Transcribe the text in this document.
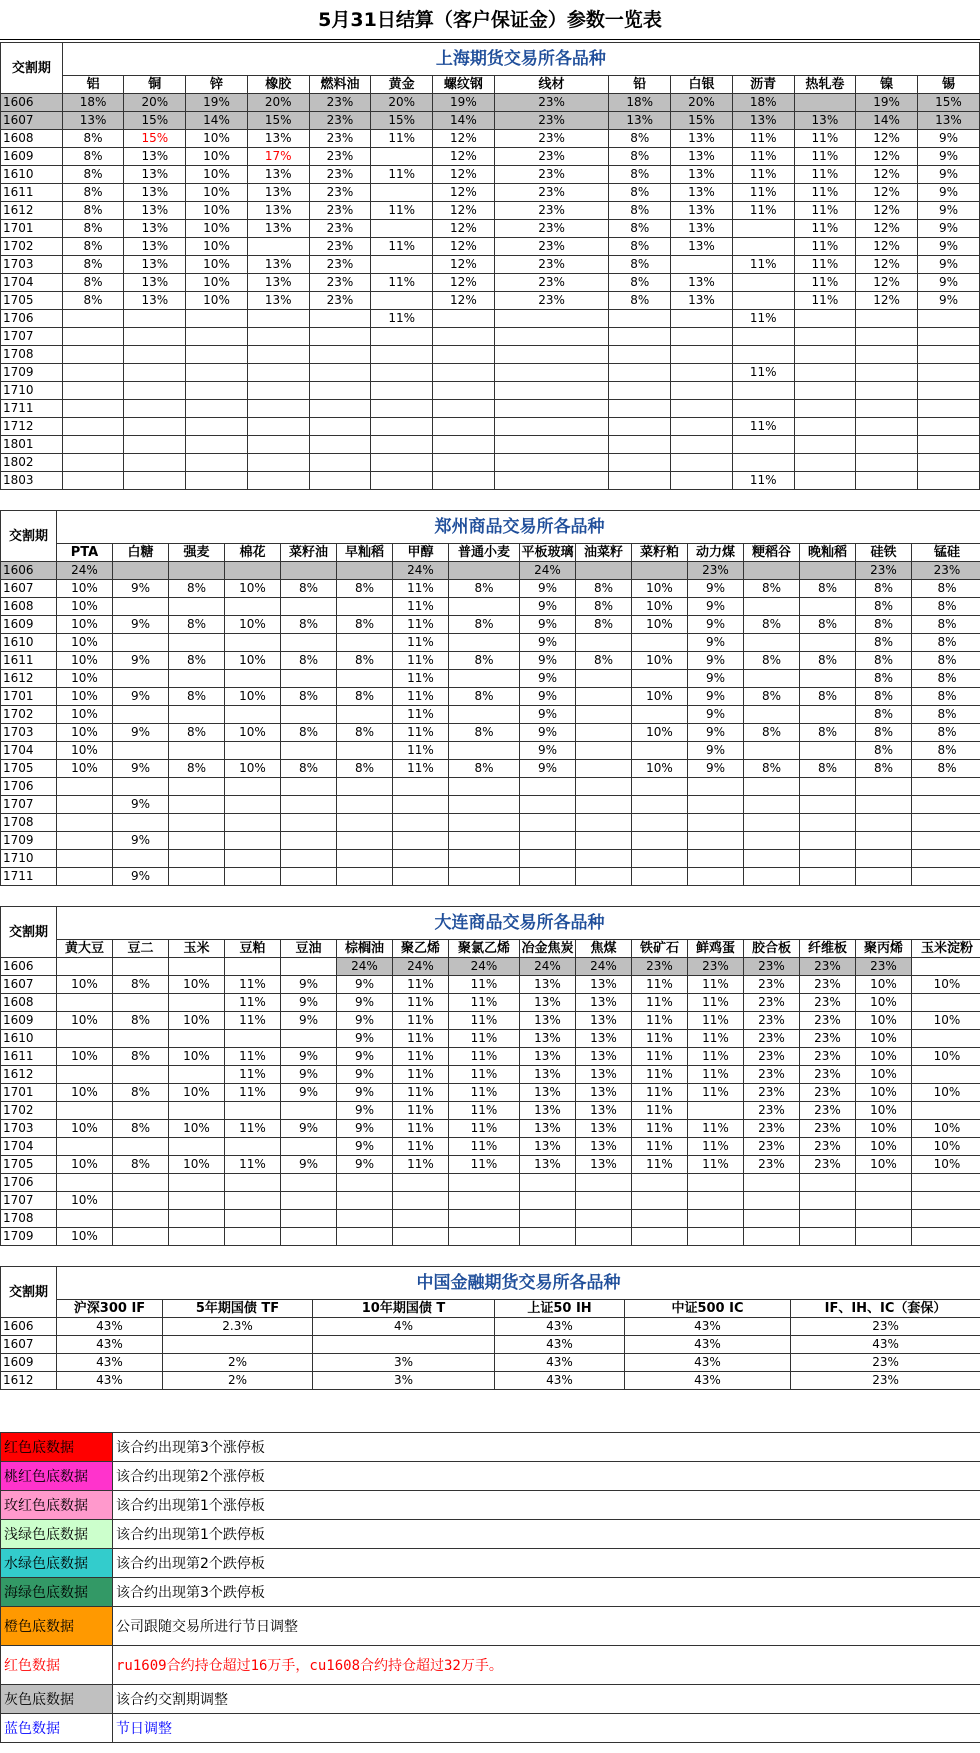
5月31日结算（客户保证金）参数一览表
交割期	上海期货交易所各品种													
	铝	铜	锌	橡胶	燃料油	黄金	螺纹钢	线材	铅	白银	沥青	热轧卷	镍	锡
1606	18%	20%	19%	20%	23%	20%	19%	23%	18%	20%	18%		19%	15%
1607	13%	15%	14%	15%	23%	15%	14%	23%	13%	15%	13%	13%	14%	13%
1608	8%	15%	10%	13%	23%	11%	12%	23%	8%	13%	11%	11%	12%	9%
1609	8%	13%	10%	17%	23%		12%	23%	8%	13%	11%	11%	12%	9%
1610	8%	13%	10%	13%	23%	11%	12%	23%	8%	13%	11%	11%	12%	9%
1611	8%	13%	10%	13%	23%		12%	23%	8%	13%	11%	11%	12%	9%
1612	8%	13%	10%	13%	23%	11%	12%	23%	8%	13%	11%	11%	12%	9%
1701	8%	13%	10%	13%	23%		12%	23%	8%	13%		11%	12%	9%
1702	8%	13%	10%		23%	11%	12%	23%	8%	13%		11%	12%	9%
1703	8%	13%	10%	13%	23%		12%	23%	8%		11%	11%	12%	9%
1704	8%	13%	10%	13%	23%	11%	12%	23%	8%	13%		11%	12%	9%
1705	8%	13%	10%	13%	23%		12%	23%	8%	13%		11%	12%	9%
1706						11%					11%			
1707														
1708														
1709											11%			
1710														
1711														
1712											11%			
1801														
1802														
1803											11%			
交割期	郑州商品交易所各品种															
	PTA	白糖	强麦	棉花	菜籽油	早籼稻	甲醇	普通小麦	平板玻璃	油菜籽	菜籽粕	动力煤	粳稻谷	晚籼稻	硅铁	锰硅
1606	24%						24%		24%			23%			23%	23%
1607	10%	9%	8%	10%	8%	8%	11%	8%	9%	8%	10%	9%	8%	8%	8%	8%
1608	10%						11%		9%	8%	10%	9%			8%	8%
1609	10%	9%	8%	10%	8%	8%	11%	8%	9%	8%	10%	9%	8%	8%	8%	8%
1610	10%						11%		9%			9%			8%	8%
1611	10%	9%	8%	10%	8%	8%	11%	8%	9%	8%	10%	9%	8%	8%	8%	8%
1612	10%						11%		9%			9%			8%	8%
1701	10%	9%	8%	10%	8%	8%	11%	8%	9%		10%	9%	8%	8%	8%	8%
1702	10%						11%		9%			9%			8%	8%
1703	10%	9%	8%	10%	8%	8%	11%	8%	9%		10%	9%	8%	8%	8%	8%
1704	10%						11%		9%			9%			8%	8%
1705	10%	9%	8%	10%	8%	8%	11%	8%	9%		10%	9%	8%	8%	8%	8%
1706																
1707		9%														
1708																
1709		9%														
1710																
1711		9%														
交割期	大连商品交易所各品种															
	黄大豆	豆二	玉米	豆粕	豆油	棕榈油	聚乙烯	聚氯乙烯	冶金焦炭	焦煤	铁矿石	鲜鸡蛋	胶合板	纤维板	聚丙烯	玉米淀粉
1606						24%	24%	24%	24%	24%	23%	23%	23%	23%	23%	
1607	10%	8%	10%	11%	9%	9%	11%	11%	13%	13%	11%	11%	23%	23%	10%	10%
1608				11%	9%	9%	11%	11%	13%	13%	11%	11%	23%	23%	10%	
1609	10%	8%	10%	11%	9%	9%	11%	11%	13%	13%	11%	11%	23%	23%	10%	10%
1610						9%	11%	11%	13%	13%	11%	11%	23%	23%	10%	
1611	10%	8%	10%	11%	9%	9%	11%	11%	13%	13%	11%	11%	23%	23%	10%	10%
1612				11%	9%	9%	11%	11%	13%	13%	11%	11%	23%	23%	10%	
1701	10%	8%	10%	11%	9%	9%	11%	11%	13%	13%	11%	11%	23%	23%	10%	10%
1702						9%	11%	11%	13%	13%	11%		23%	23%	10%	
1703	10%	8%	10%	11%	9%	9%	11%	11%	13%	13%	11%	11%	23%	23%	10%	10%
1704						9%	11%	11%	13%	13%	11%	11%	23%	23%	10%	10%
1705	10%	8%	10%	11%	9%	9%	11%	11%	13%	13%	11%	11%	23%	23%	10%	10%
1706																
1707	10%															
1708																
1709	10%															
交割期	中国金融期货交易所各品种					
	沪深300 IF	5年期国债 TF	10年期国债 T	上证50 IH	中证500 IC	IF、IH、IC（套保）
1606	43%	2.3%	4%	43%	43%	23%
1607	43%			43%	43%	43%
1609	43%	2%	3%	43%	43%	23%
1612	43%	2%	3%	43%	43%	23%
红色底数据	该合约出现第3个涨停板
桃红色底数据	该合约出现第2个涨停板
玫红色底数据	该合约出现第1个涨停板
浅绿色底数据	该合约出现第1个跌停板
水绿色底数据	该合约出现第2个跌停板
海绿色底数据	该合约出现第3个跌停板
橙色底数据	公司跟随交易所进行节日调整
红色数据	ru1609合约持仓超过16万手，cu1608合约持仓超过32万手。
灰色底数据	该合约交割期调整
蓝色数据	节日调整
